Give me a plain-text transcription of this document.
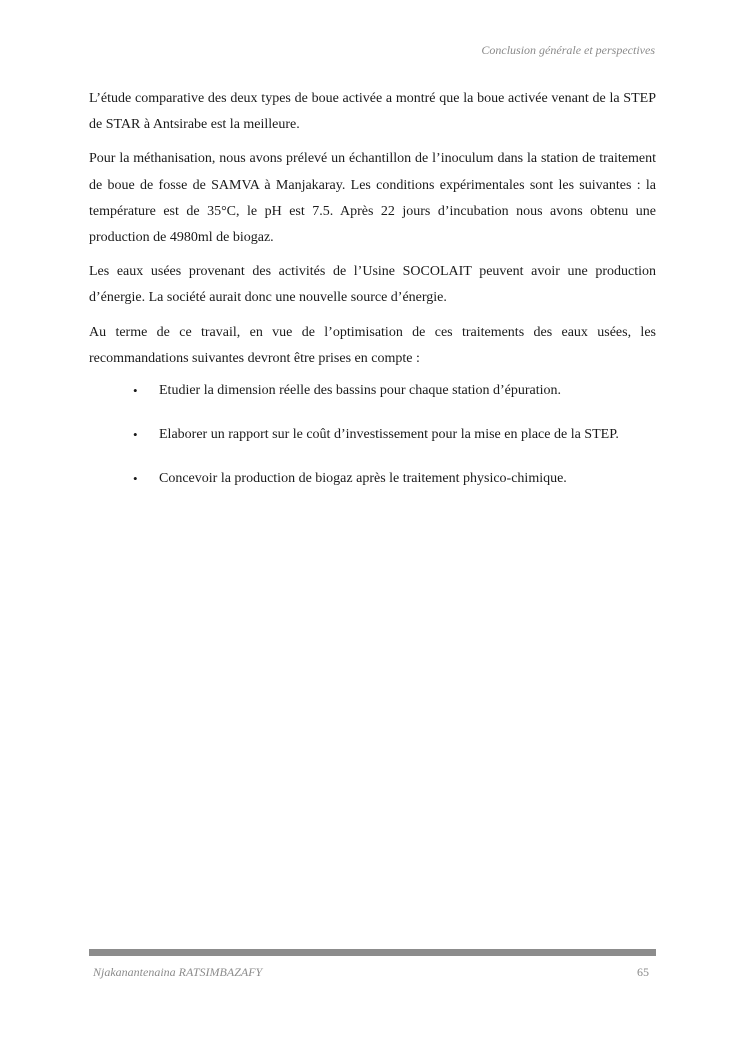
Conclusion générale et perspectives

L’étude comparative des deux types de boue activée a montré que la boue activée venant de la STEP de STAR à Antsirabe est la meilleure.

Pour la méthanisation, nous avons prélevé un échantillon de l’inoculum dans la station de traitement de boue de fosse de SAMVA à Manjakaray. Les conditions expérimentales sont les suivantes : la température est de 35°C, le pH est 7.5. Après 22 jours d’incubation nous avons obtenu une production de 4980ml de biogaz.

Les eaux usées provenant des activités de l’Usine SOCOLAIT peuvent avoir une production d’énergie. La société aurait donc une nouvelle source d’énergie.

Au terme de ce travail, en vue de l’optimisation de ces traitements des eaux usées, les recommandations suivantes devront être prises en compte :

• Etudier la dimension réelle des bassins pour chaque station d’épuration.
• Elaborer un rapport sur le coût d’investissement pour la mise en place de la STEP.
• Concevoir la production de biogaz après le traitement physico-chimique.
Njakanantenaina RATSIMBAZAFY	65
